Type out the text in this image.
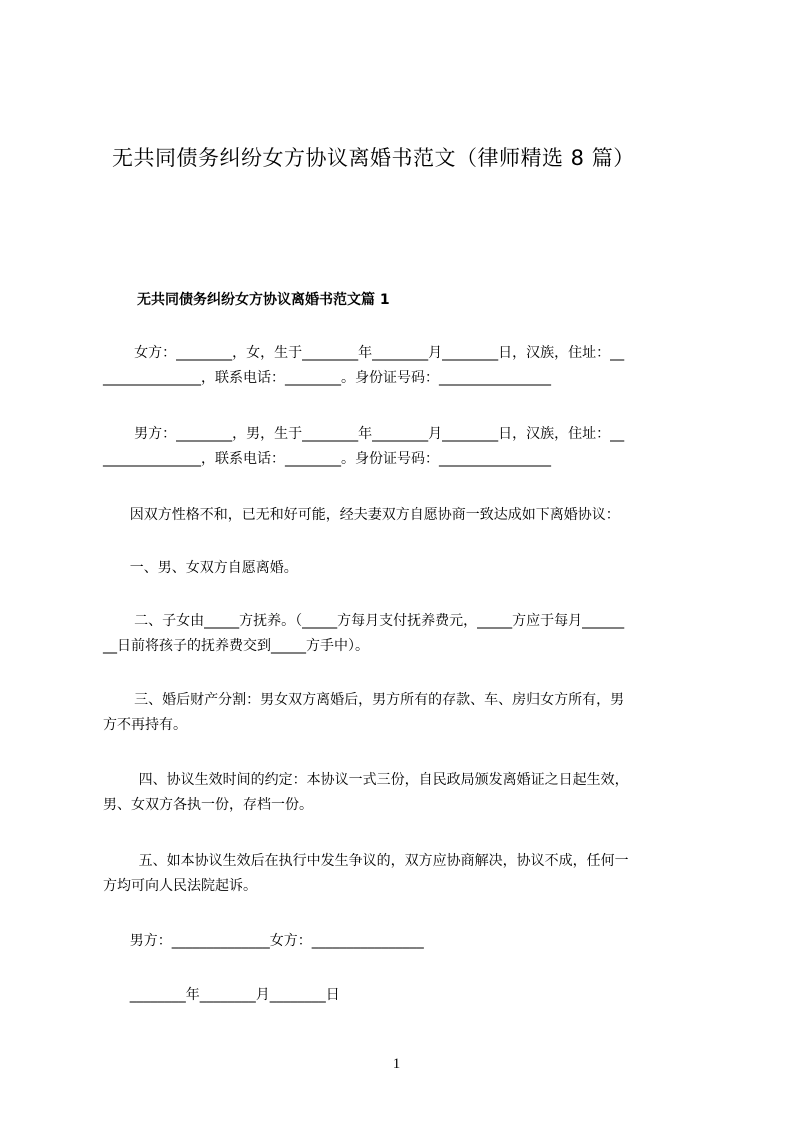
无共同债务纠纷女方协议离婚书范文（律师精选 8 篇）
无共同债务纠纷女方协议离婚书范文篇 1
女方：________，女，生于________年________月________日，汉族，住址：__
______________，联系电话：________。身份证号码：________________
男方：________，男，生于________年________月________日，汉族，住址：__
______________，联系电话：________。身份证号码：________________
因双方性格不和，已无和好可能，经夫妻双方自愿协商一致达成如下离婚协议：
一、男、女双方自愿离婚。
二、子女由_____方抚养。（_____方每月支付抚养费元，_____方应于每月______
__日前将孩子的抚养费交到_____方手中）。
三、婚后财产分割：男女双方离婚后，男方所有的存款、车、房归女方所有，男
方不再持有。
四、协议生效时间的约定：本协议一式三份，自民政局颁发离婚证之日起生效，
男、女双方各执一份，存档一份。
五、如本协议生效后在执行中发生争议的，双方应协商解决，协议不成，任何一
方均可向人民法院起诉。
男方：______________女方：________________
________年________月________日
1
